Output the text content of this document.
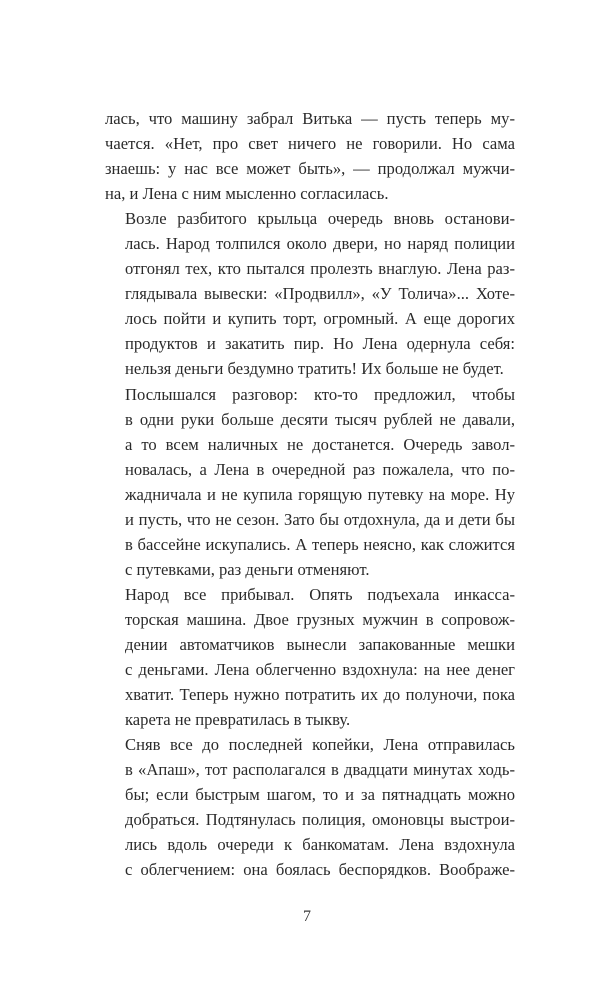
лась, что машину забрал Витька — пусть теперь му-
чается. «Нет, про свет ничего не говорили. Но сама
знаешь: у нас все может быть», — продолжал мужчи-
на, и Лена с ним мысленно согласилась.
Возле разбитого крыльца очередь вновь останови-
лась. Народ толпился около двери, но наряд полиции
отгонял тех, кто пытался пролезть внаглую. Лена раз-
глядывала вывески: «Продвилл», «У Толича»... Хоте-
лось пойти и купить торт, огромный. А еще дорогих
продуктов и закатить пир. Но Лена одернула себя:
нельзя деньги бездумно тратить! Их больше не будет.
Послышался разговор: кто-то предложил, чтобы
в одни руки больше десяти тысяч рублей не давали,
а то всем наличных не достанется. Очередь завол-
новалась, а Лена в очередной раз пожалела, что по-
жадничала и не купила горящую путевку на море. Ну
и пусть, что не сезон. Зато бы отдохнула, да и дети бы
в бассейне искупались. А теперь неясно, как сложится
с путевками, раз деньги отменяют.
Народ все прибывал. Опять подъехала инкасса-
торская машина. Двое грузных мужчин в сопровож-
дении автоматчиков вынесли запакованные мешки
с деньгами. Лена облегченно вздохнула: на нее денег
хватит. Теперь нужно потратить их до полуночи, пока
карета не превратилась в тыкву.
Сняв все до последней копейки, Лена отправилась
в «Апаш», тот располагался в двадцати минутах ходь-
бы; если быстрым шагом, то и за пятнадцать можно
добраться. Подтянулась полиция, омоновцы выстрои-
лись вдоль очереди к банкоматам. Лена вздохнула
с облегчением: она боялась беспорядков. Воображе-
7
